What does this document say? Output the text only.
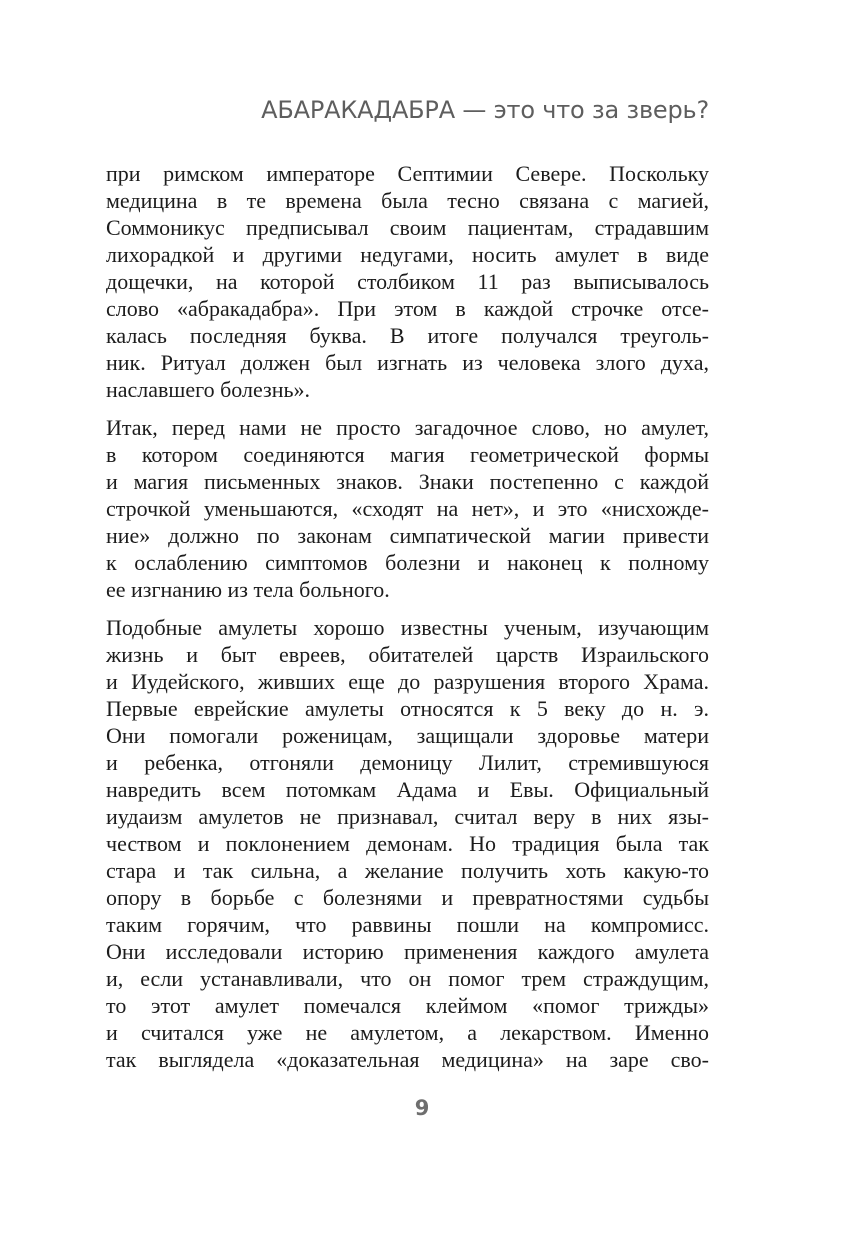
АБАРАКАДАБРА — это что за зверь?
при римском императоре Септимии Севере. Поскольку
медицина в те времена была тесно связана с магией,
Соммоникус предписывал своим пациентам, страдавшим
лихорадкой и другими недугами, носить амулет в виде
дощечки, на которой столбиком 11 раз выписывалось
слово «абракадабра». При этом в каждой строчке отсе-
калась последняя буква. В итоге получался треуголь-
ник. Ритуал должен был изгнать из человека злого духа,
наславшего болезнь».
Итак, перед нами не просто загадочное слово, но амулет,
в котором соединяются магия геометрической формы
и магия письменных знаков. Знаки постепенно с каждой
строчкой уменьшаются, «сходят на нет», и это «нисхожде-
ние» должно по законам симпатической магии привести
к ослаблению симптомов болезни и наконец к полному
ее изгнанию из тела больного.
Подобные амулеты хорошо известны ученым, изучающим
жизнь и быт евреев, обитателей царств Израильского
и Иудейского, живших еще до разрушения второго Храма.
Первые еврейские амулеты относятся к 5 веку до н. э.
Они помогали роженицам, защищали здоровье матери
и ребенка, отгоняли демоницу Лилит, стремившуюся
навредить всем потомкам Адама и Евы. Официальный
иудаизм амулетов не признавал, считал веру в них язы-
чеством и поклонением демонам. Но традиция была так
стара и так сильна, а желание получить хоть какую-то
опору в борьбе с болезнями и превратностями судьбы
таким горячим, что раввины пошли на компромисс.
Они исследовали историю применения каждого амулета
и, если устанавливали, что он помог трем страждущим,
то этот амулет помечался клеймом «помог трижды»
и считался уже не амулетом, а лекарством. Именно
так выглядела «доказательная медицина» на заре сво-
9
